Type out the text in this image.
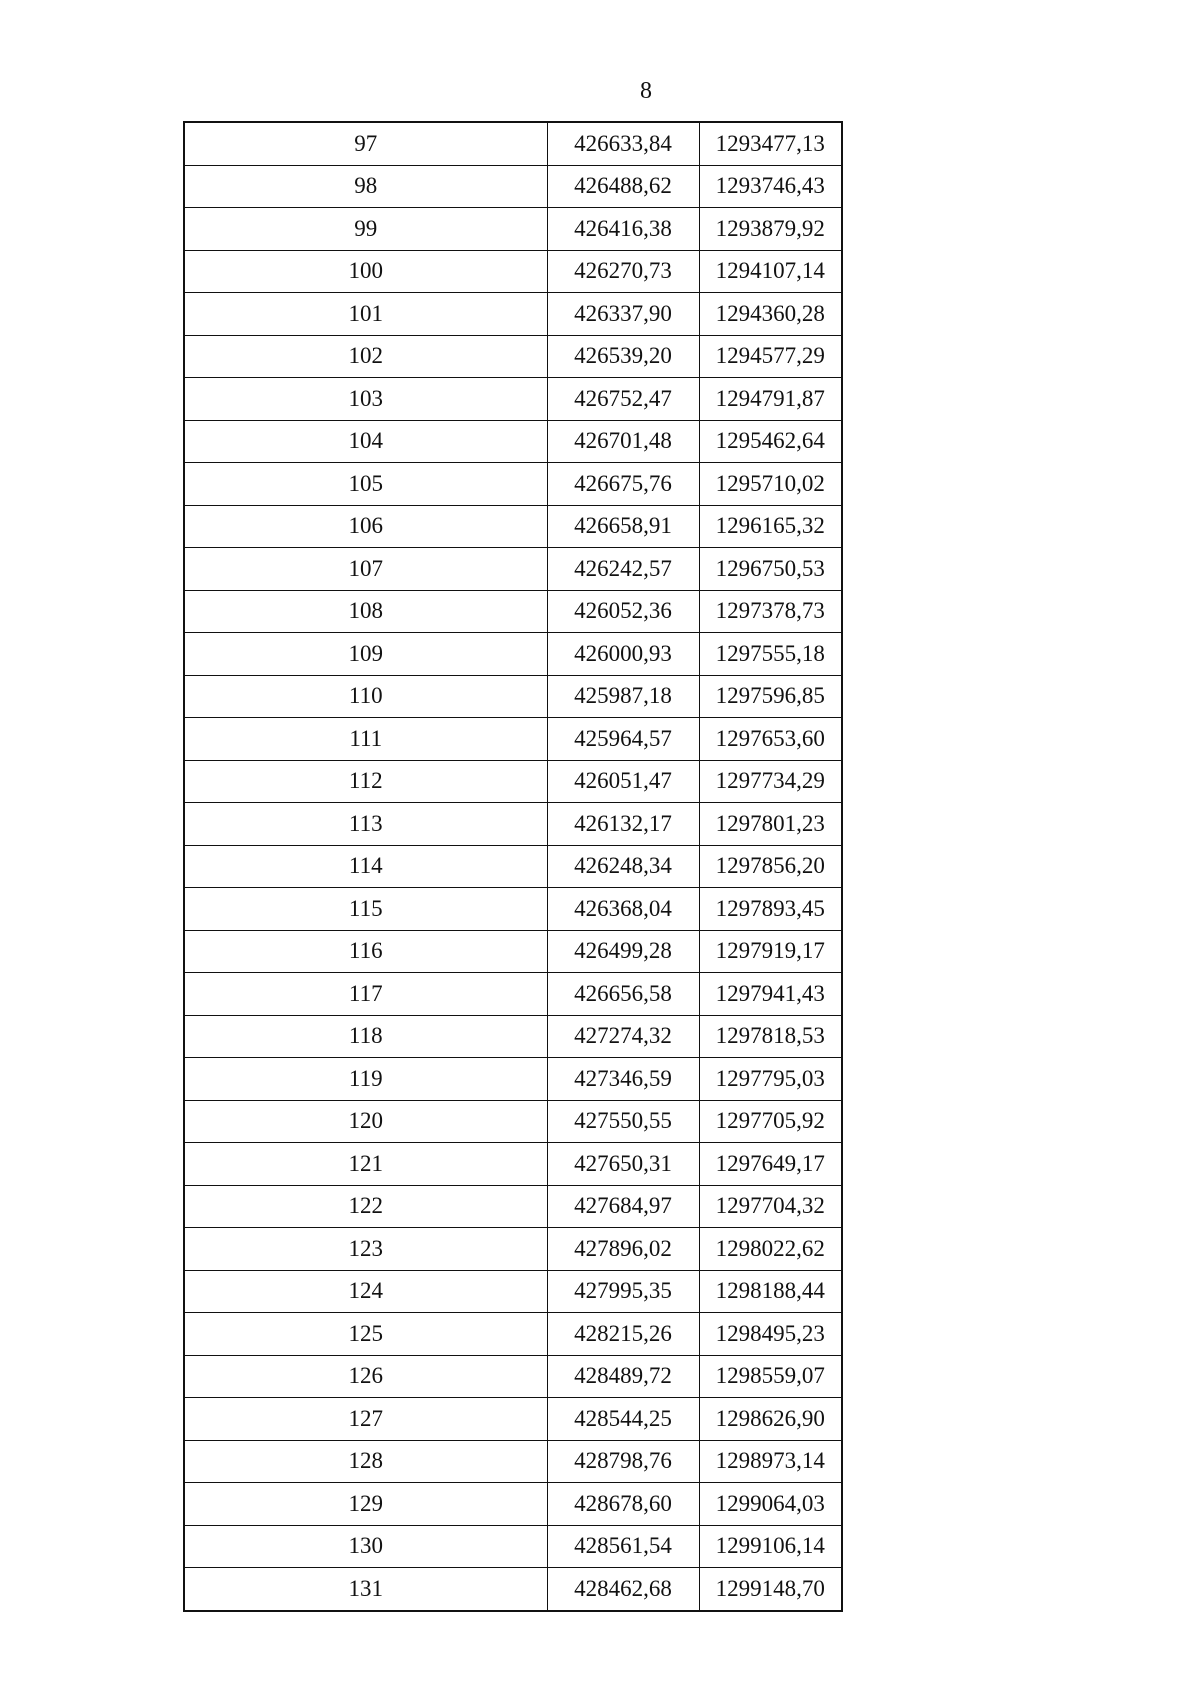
8
97	426633,84	1293477,13
98	426488,62	1293746,43
99	426416,38	1293879,92
100	426270,73	1294107,14
101	426337,90	1294360,28
102	426539,20	1294577,29
103	426752,47	1294791,87
104	426701,48	1295462,64
105	426675,76	1295710,02
106	426658,91	1296165,32
107	426242,57	1296750,53
108	426052,36	1297378,73
109	426000,93	1297555,18
110	425987,18	1297596,85
111	425964,57	1297653,60
112	426051,47	1297734,29
113	426132,17	1297801,23
114	426248,34	1297856,20
115	426368,04	1297893,45
116	426499,28	1297919,17
117	426656,58	1297941,43
118	427274,32	1297818,53
119	427346,59	1297795,03
120	427550,55	1297705,92
121	427650,31	1297649,17
122	427684,97	1297704,32
123	427896,02	1298022,62
124	427995,35	1298188,44
125	428215,26	1298495,23
126	428489,72	1298559,07
127	428544,25	1298626,90
128	428798,76	1298973,14
129	428678,60	1299064,03
130	428561,54	1299106,14
131	428462,68	1299148,70
